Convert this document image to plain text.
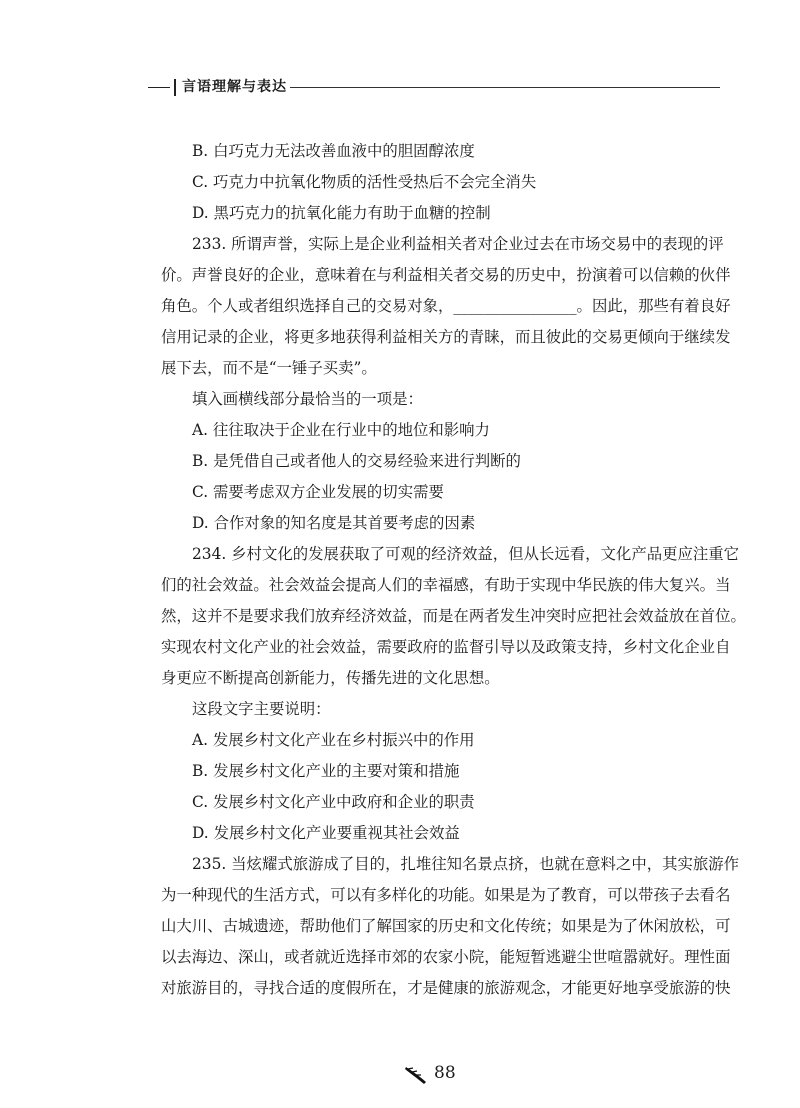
言语理解与表达
B. 白巧克力无法改善血液中的胆固醇浓度
C. 巧克力中抗氧化物质的活性受热后不会完全消失
D. 黑巧克力的抗氧化能力有助于血糖的控制
233. 所谓声誉，实际上是企业利益相关者对企业过去在市场交易中的表现的评
价。声誉良好的企业，意味着在与利益相关者交易的历史中，扮演着可以信赖的伙伴
角色。个人或者组织选择自己的交易对象，________________。因此，那些有着良好
信用记录的企业，将更多地获得利益相关方的青睐，而且彼此的交易更倾向于继续发
展下去，而不是“一锤子买卖”。
填入画横线部分最恰当的一项是：
A. 往往取决于企业在行业中的地位和影响力
B. 是凭借自己或者他人的交易经验来进行判断的
C. 需要考虑双方企业发展的切实需要
D. 合作对象的知名度是其首要考虑的因素
234. 乡村文化的发展获取了可观的经济效益，但从长远看，文化产品更应注重它
们的社会效益。社会效益会提高人们的幸福感，有助于实现中华民族的伟大复兴。当
然，这并不是要求我们放弃经济效益，而是在两者发生冲突时应把社会效益放在首位。
实现农村文化产业的社会效益，需要政府的监督引导以及政策支持，乡村文化企业自
身更应不断提高创新能力，传播先进的文化思想。
这段文字主要说明：
A. 发展乡村文化产业在乡村振兴中的作用
B. 发展乡村文化产业的主要对策和措施
C. 发展乡村文化产业中政府和企业的职责
D. 发展乡村文化产业要重视其社会效益
235. 当炫耀式旅游成了目的，扎堆往知名景点挤，也就在意料之中，其实旅游作
为一种现代的生活方式，可以有多样化的功能。如果是为了教育，可以带孩子去看名
山大川、古城遗迹，帮助他们了解国家的历史和文化传统；如果是为了休闲放松，可
以去海边、深山，或者就近选择市郊的农家小院，能短暂逃避尘世喧嚣就好。理性面
对旅游目的，寻找合适的度假所在，才是健康的旅游观念，才能更好地享受旅游的快
88
